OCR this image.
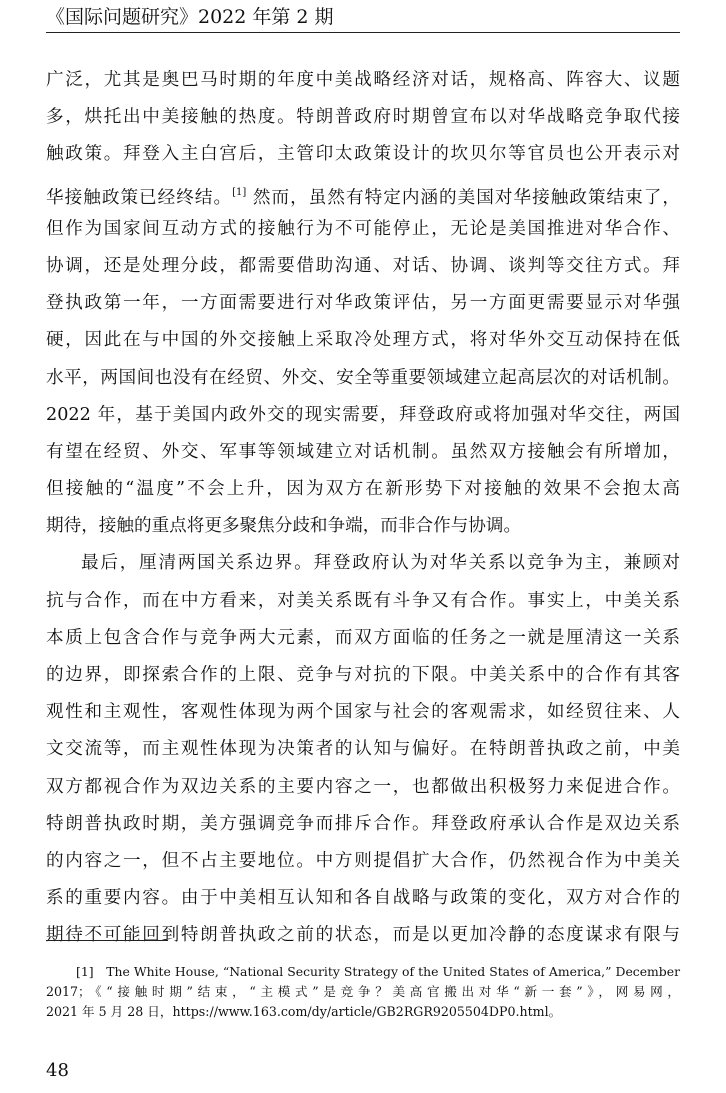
《国际问题研究》2022 年第 2 期
广泛，尤其是奥巴马时期的年度中美战略经济对话，规格高、阵容大、议题
多，烘托出中美接触的热度。特朗普政府时期曾宣布以对华战略竞争取代接
触政策。拜登入主白宫后，主管印太政策设计的坎贝尔等官员也公开表示对
华接触政策已经终结。[1] 然而，虽然有特定内涵的美国对华接触政策结束了，
但作为国家间互动方式的接触行为不可能停止，无论是美国推进对华合作、
协调，还是处理分歧，都需要借助沟通、对话、协调、谈判等交往方式。拜
登执政第一年，一方面需要进行对华政策评估，另一方面更需要显示对华强
硬，因此在与中国的外交接触上采取冷处理方式，将对华外交互动保持在低
水平，两国间也没有在经贸、外交、安全等重要领域建立起高层次的对话机制。
2022 年，基于美国内政外交的现实需要，拜登政府或将加强对华交往，两国
有望在经贸、外交、军事等领域建立对话机制。虽然双方接触会有所增加，
但接触的“温度”不会上升，因为双方在新形势下对接触的效果不会抱太高
期待，接触的重点将更多聚焦分歧和争端，而非合作与协调。
最后，厘清两国关系边界。拜登政府认为对华关系以竞争为主，兼顾对
抗与合作，而在中方看来，对美关系既有斗争又有合作。事实上，中美关系
本质上包含合作与竞争两大元素，而双方面临的任务之一就是厘清这一关系
的边界，即探索合作的上限、竞争与对抗的下限。中美关系中的合作有其客
观性和主观性，客观性体现为两个国家与社会的客观需求，如经贸往来、人
文交流等，而主观性体现为决策者的认知与偏好。在特朗普执政之前，中美
双方都视合作为双边关系的主要内容之一，也都做出积极努力来促进合作。
特朗普执政时期，美方强调竞争而排斥合作。拜登政府承认合作是双边关系
的内容之一，但不占主要地位。中方则提倡扩大合作，仍然视合作为中美关
系的重要内容。由于中美相互认知和各自战略与政策的变化，双方对合作的
期待不可能回到特朗普执政之前的状态，而是以更加冷静的态度谋求有限与
[1]　The White House, “National Security Strategy of the United States of America,” December
2017；《“接触时期”结束，“主模式”是竞争？美高官搬出对华“新一套”》，网易网，
2021 年 5 月 28 日，https://www.163.com/dy/article/GB2RGR9205504DP0.html。
48
